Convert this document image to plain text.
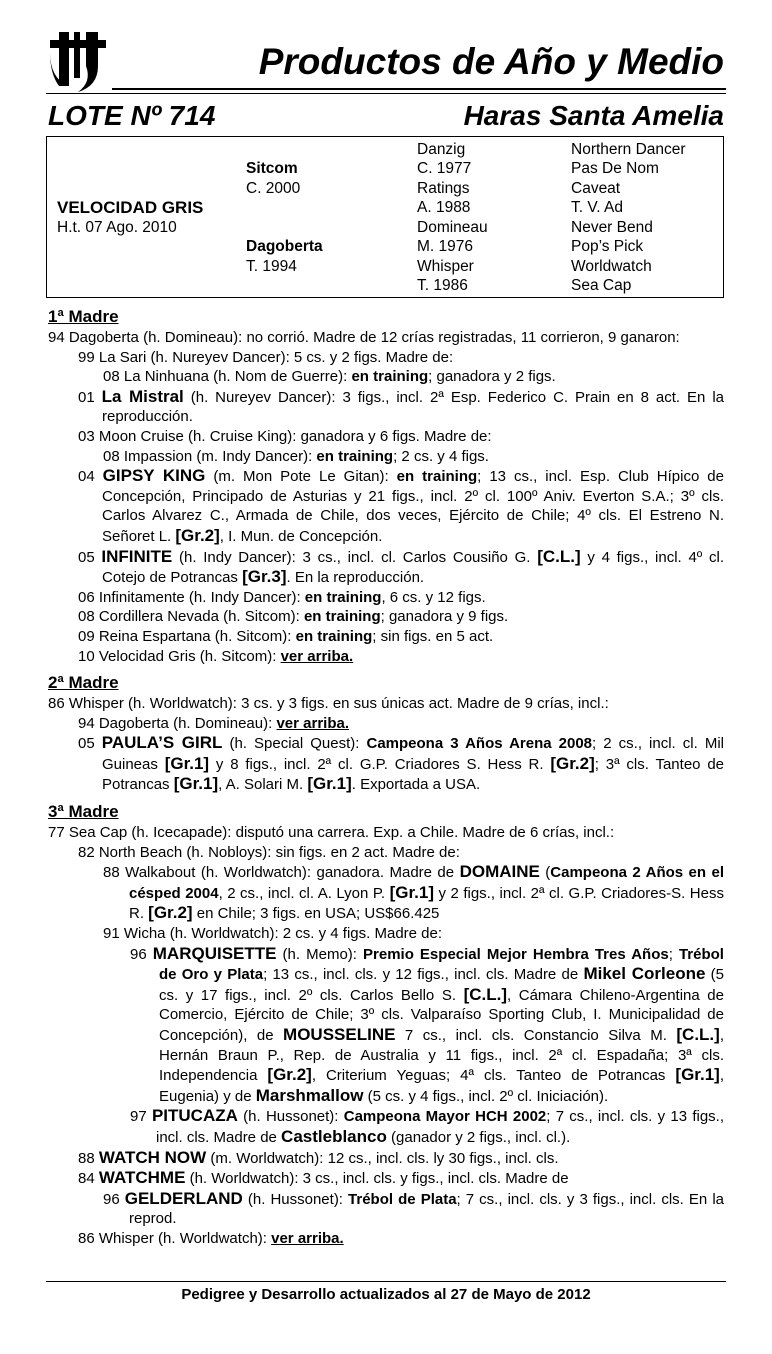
Productos de Año y Medio
LOTE Nº 714	Haras Santa Amelia
VELOCIDAD GRIS
H.t. 07 Ago. 2010
Sitcom
C. 2000
Dagoberta
T. 1994
Danzig
C. 1977
Ratings
A. 1988
Domineau
M. 1976
Whisper
T. 1986
Northern Dancer
Pas De Nom
Caveat
T. V. Ad
Never Bend
Pop’s Pick
Worldwatch
Sea Cap
1ª Madre
94 Dagoberta (h. Domineau): no corrió. Madre de 12 crías registradas, 11 corrieron, 9 ganaron:
99 La Sari (h. Nureyev Dancer): 5 cs. y 2 figs. Madre de:
08 La Ninhuana (h. Nom de Guerre): en training; ganadora y 2 figs.
01 La Mistral (h. Nureyev Dancer): 3 figs., incl. 2ª Esp. Federico C. Prain en 8 act. En la reproducción.
03 Moon Cruise (h. Cruise King): ganadora y 6 figs. Madre de:
08 Impassion (m. Indy Dancer): en training; 2 cs. y 4 figs.
04 GIPSY KING (m. Mon Pote Le Gitan): en training; 13 cs., incl. Esp. Club Hípico de Concepción, Principado de Asturias y 21 figs., incl. 2º cl. 100º Aniv. Everton S.A.; 3º cls. Carlos Alvarez C., Armada de Chile, dos veces, Ejército de Chile; 4º cls. El Estreno N. Señoret L. [Gr.2], I. Mun. de Concepción.
05 INFINITE (h. Indy Dancer): 3 cs., incl. cl. Carlos Cousiño G. [C.L.] y 4 figs., incl. 4º cl. Cotejo de Potrancas [Gr.3]. En la reproducción.
06 Infinitamente (h. Indy Dancer): en training, 6 cs. y 12 figs.
08 Cordillera Nevada (h. Sitcom): en training; ganadora y 9 figs.
09 Reina Espartana (h. Sitcom): en training; sin figs. en 5 act.
10 Velocidad Gris (h. Sitcom): ver arriba.
2ª Madre
86 Whisper (h. Worldwatch): 3 cs. y 3 figs. en sus únicas act. Madre de 9 crías, incl.:
94 Dagoberta (h. Domineau): ver arriba.
05 PAULA’S GIRL (h. Special Quest): Campeona 3 Años Arena 2008; 2 cs., incl. cl. Mil Guineas [Gr.1] y 8 figs., incl. 2ª cl. G.P. Criadores S. Hess R. [Gr.2]; 3ª cls. Tanteo de Potrancas [Gr.1], A. Solari M. [Gr.1]. Exportada a USA.
3ª Madre
77 Sea Cap (h. Icecapade): disputó una carrera. Exp. a Chile. Madre de 6 crías, incl.:
82 North Beach (h. Nobloys): sin figs. en 2 act. Madre de:
88 Walkabout (h. Worldwatch): ganadora. Madre de DOMAINE (Campeona 2 Años en el césped 2004, 2 cs., incl. cl. A. Lyon P. [Gr.1] y 2 figs., incl. 2ª cl. G.P. Criadores-S. Hess R. [Gr.2] en Chile; 3 figs. en USA; US$66.425
91 Wicha (h. Worldwatch): 2 cs. y 4 figs. Madre de:
96 MARQUISETTE (h. Memo): Premio Especial Mejor Hembra Tres Años; Trébol de Oro y Plata; 13 cs., incl. cls. y 12 figs., incl. cls. Madre de Mikel Corleone (5 cs. y 17 figs., incl. 2º cls. Carlos Bello S. [C.L.], Cámara Chileno-Argentina de Comercio, Ejército de Chile; 3º cls. Valparaíso Sporting Club, I. Municipalidad de Concepción), de MOUSSELINE 7 cs., incl. cls. Constancio Silva M. [C.L.], Hernán Braun P., Rep. de Australia y 11 figs., incl. 2ª cl. Espadaña; 3ª cls. Independencia [Gr.2], Criterium Yeguas; 4ª cls. Tanteo de Potrancas [Gr.1], Eugenia) y de Marshmallow (5 cs. y 4 figs., incl. 2º cl. Iniciación).
97 PITUCAZA (h. Hussonet): Campeona Mayor HCH 2002; 7 cs., incl. cls. y 13 figs., incl. cls. Madre de Castleblanco (ganador y 2 figs., incl. cl.).
88 WATCH NOW (m. Worldwatch): 12 cs., incl. cls. ly 30 figs., incl. cls.
84 WATCHME (h. Worldwatch): 3 cs., incl. cls. y figs., incl. cls. Madre de
96 GELDERLAND (h. Hussonet): Trébol de Plata; 7 cs., incl. cls. y 3 figs., incl. cls. En la reprod.
86 Whisper (h. Worldwatch): ver arriba.
Pedigree y Desarrollo actualizados al 27 de Mayo de 2012
